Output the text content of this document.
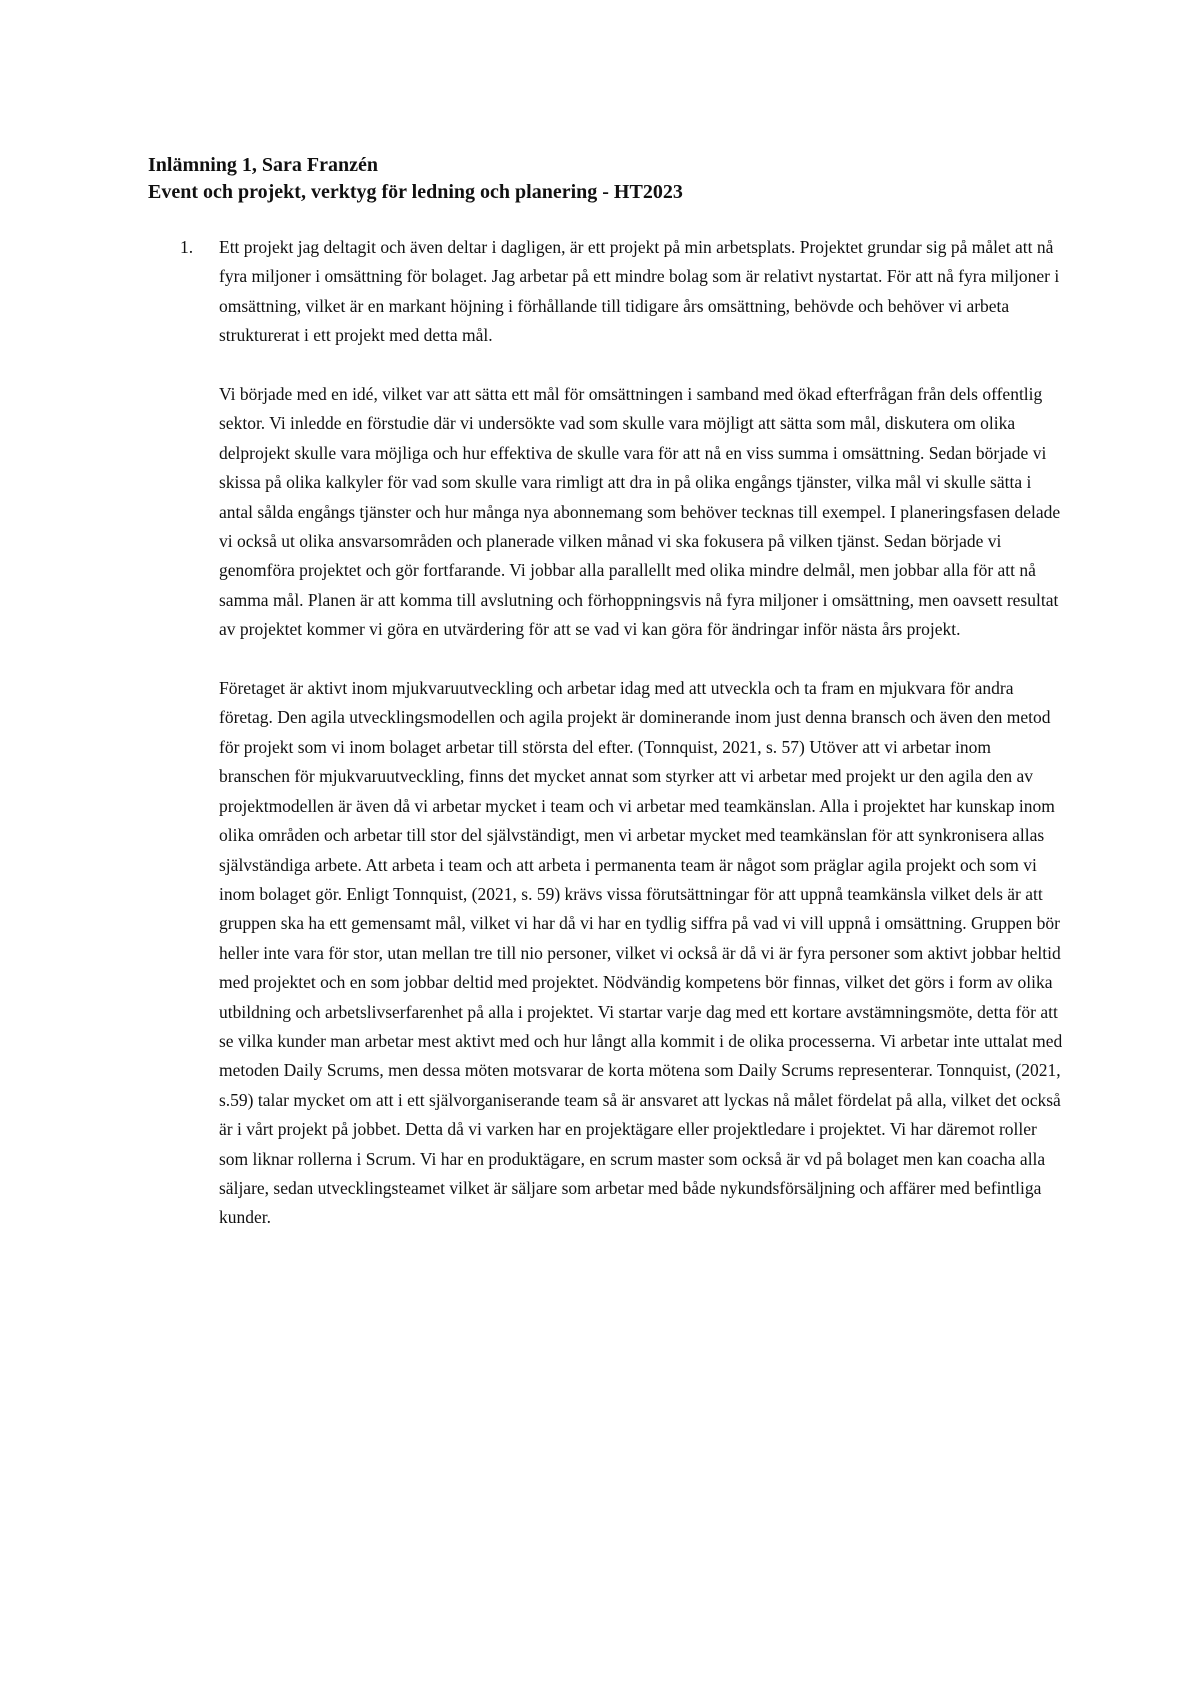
Inlämning 1, Sara Franzén

Event och projekt, verktyg för ledning och planering - HT2023

1. Ett projekt jag deltagit och även deltar i dagligen, är ett projekt på min arbetsplats. Projektet grundar sig på målet att nå fyra miljoner i omsättning för bolaget. Jag arbetar på ett mindre bolag som är relativt nystartat. För att nå fyra miljoner i omsättning, vilket är en markant höjning i förhållande till tidigare års omsättning, behövde och behöver vi arbeta strukturerat i ett projekt med detta mål.

Vi började med en idé, vilket var att sätta ett mål för omsättningen i samband med ökad efterfrågan från dels offentlig sektor. Vi inledde en förstudie där vi undersökte vad som skulle vara möjligt att sätta som mål, diskutera om olika delprojekt skulle vara möjliga och hur effektiva de skulle vara för att nå en viss summa i omsättning. Sedan började vi skissa på olika kalkyler för vad som skulle vara rimligt att dra in på olika engångs tjänster, vilka mål vi skulle sätta i antal sålda engångs tjänster och hur många nya abonnemang som behöver tecknas till exempel. I planeringsfasen delade vi också ut olika ansvarsområden och planerade vilken månad vi ska fokusera på vilken tjänst. Sedan började vi genomföra projektet och gör fortfarande. Vi jobbar alla parallellt med olika mindre delmål, men jobbar alla för att nå samma mål. Planen är att komma till avslutning och förhoppningsvis nå fyra miljoner i omsättning, men oavsett resultat av projektet kommer vi göra en utvärdering för att se vad vi kan göra för ändringar inför nästa års projekt.

Företaget är aktivt inom mjukvaruutveckling och arbetar idag med att utveckla och ta fram en mjukvara för andra företag. Den agila utvecklingsmodellen och agila projekt är dominerande inom just denna bransch och även den metod för projekt som vi inom bolaget arbetar till största del efter. (Tonnquist, 2021, s. 57) Utöver att vi arbetar inom branschen för mjukvaruutveckling, finns det mycket annat som styrker att vi arbetar med projekt ur den agila den av projektmodellen är även då vi arbetar mycket i team och vi arbetar med teamkänslan. Alla i projektet har kunskap inom olika områden och arbetar till stor del självständigt, men vi arbetar mycket med teamkänslan för att synkronisera allas självständiga arbete. Att arbeta i team och att arbeta i permanenta team är något som präglar agila projekt och som vi inom bolaget gör. Enligt Tonnquist, (2021, s. 59) krävs vissa förutsättningar för att uppnå teamkänsla vilket dels är att gruppen ska ha ett gemensamt mål, vilket vi har då vi har en tydlig siffra på vad vi vill uppnå i omsättning. Gruppen bör heller inte vara för stor, utan mellan tre till nio personer, vilket vi också är då vi är fyra personer som aktivt jobbar heltid med projektet och en som jobbar deltid med projektet. Nödvändig kompetens bör finnas, vilket det görs i form av olika utbildning och arbetslivserfarenhet på alla i projektet. Vi startar varje dag med ett kortare avstämningsmöte, detta för att se vilka kunder man arbetar mest aktivt med och hur långt alla kommit i de olika processerna. Vi arbetar inte uttalat med metoden Daily Scrums, men dessa möten motsvarar de korta mötena som Daily Scrums representerar. Tonnquist, (2021, s.59) talar mycket om att i ett självorganiserande team så är ansvaret att lyckas nå målet fördelat på alla, vilket det också är i vårt projekt på jobbet. Detta då vi varken har en projektägare eller projektledare i projektet. Vi har däremot roller som liknar rollerna i Scrum. Vi har en produktägare, en scrum master som också är vd på bolaget men kan coacha alla säljare, sedan utvecklingsteamet vilket är säljare som arbetar med både nykundsförsäljning och affärer med befintliga kunder.
